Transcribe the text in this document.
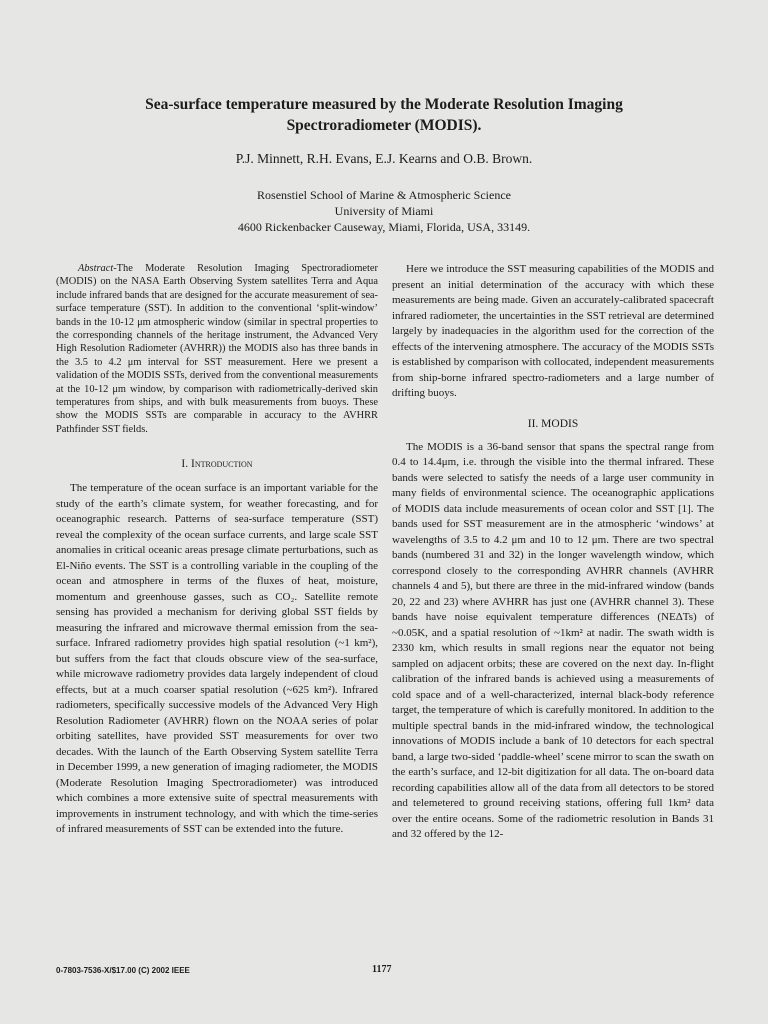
Sea-surface temperature measured by the Moderate Resolution Imaging
Spectroradiometer (MODIS).
P.J. Minnett, R.H. Evans, E.J. Kearns and O.B. Brown.
Rosenstiel School of Marine & Atmospheric Science
University of Miami
4600 Rickenbacker Causeway, Miami, Florida, USA, 33149.

Abstract-The Moderate Resolution Imaging Spectroradiometer (MODIS) on the NASA Earth Observing System satellites Terra and Aqua include infrared bands that are designed for the accurate measurement of sea-surface temperature (SST). In addition to the conventional ‘split-window’ bands in the 10-12 μm atmospheric window (similar in spectral properties to the corresponding channels of the heritage instrument, the Advanced Very High Resolution Radiometer (AVHRR)) the MODIS also has three bands in the 3.5 to 4.2 μm interval for SST measurement. Here we present a validation of the MODIS SSTs, derived from the conventional measurements at the 10-12 μm window, by comparison with radiometrically-derived skin temperatures from ships, and with bulk measurements from buoys. These show the MODIS SSTs are comparable in accuracy to the AVHRR Pathfinder SST fields.

I. Introduction

The temperature of the ocean surface is an important variable for the study of the earth’s climate system, for weather forecasting, and for oceanographic research. Patterns of sea-surface temperature (SST) reveal the complexity of the ocean surface currents, and large scale SST anomalies in critical oceanic areas presage climate perturbations, such as El-Niño events. The SST is a controlling variable in the coupling of the ocean and atmosphere in terms of the fluxes of heat, moisture, momentum and greenhouse gasses, such as CO₂. Satellite remote sensing has provided a mechanism for deriving global SST fields by measuring the infrared and microwave thermal emission from the sea-surface. Infrared radiometry provides high spatial resolution (~1 km²), but suffers from the fact that clouds obscure view of the sea-surface, while microwave radiometry provides data largely independent of cloud effects, but at a much coarser spatial resolution (~625 km²). Infrared radiometers, specifically successive models of the Advanced Very High Resolution Radiometer (AVHRR) flown on the NOAA series of polar orbiting satellites, have provided SST measurements for over two decades. With the launch of the Earth Observing System satellite Terra in December 1999, a new generation of imaging radiometer, the MODIS (Moderate Resolution Imaging Spectroradiometer) was introduced which combines a more extensive suite of spectral measurements with improvements in instrument technology, and with which the time-series of infrared measurements of SST can be extended into the future.

Here we introduce the SST measuring capabilities of the MODIS and present an initial determination of the accuracy with which these measurements are being made. Given an accurately-calibrated spacecraft infrared radiometer, the uncertainties in the SST retrieval are determined largely by inadequacies in the algorithm used for the correction of the effects of the intervening atmosphere. The accuracy of the MODIS SSTs is established by comparison with collocated, independent measurements from ship-borne infrared spectro-radiometers and a large number of drifting buoys.

II. MODIS

The MODIS is a 36-band sensor that spans the spectral range from 0.4 to 14.4μm, i.e. through the visible into the thermal infrared. These bands were selected to satisfy the needs of a large user community in many fields of environmental science. The oceanographic applications of MODIS data include measurements of ocean color and SST [1]. The bands used for SST measurement are in the atmospheric ‘windows’ at wavelengths of 3.5 to 4.2 μm and 10 to 12 μm. There are two spectral bands (numbered 31 and 32) in the longer wavelength window, which correspond closely to the corresponding AVHRR channels (AVHRR channels 4 and 5), but there are three in the mid-infrared window (bands 20, 22 and 23) where AVHRR has just one (AVHRR channel 3). These bands have noise equivalent temperature differences (NEΔTs) of ~0.05K, and a spatial resolution of ~1km² at nadir. The swath width is 2330 km, which results in small regions near the equator not being sampled on adjacent orbits; these are covered on the next day. In-flight calibration of the infrared bands is achieved using a measurements of cold space and of a well-characterized, internal black-body reference target, the temperature of which is carefully monitored. In addition to the multiple spectral bands in the mid-infrared window, the technological innovations of MODIS include a bank of 10 detectors for each spectral band, a large two-sided ‘paddle-wheel’ scene mirror to scan the swath on the earth’s surface, and 12-bit digitization for all data. The on-board data recording capabilities allow all of the data from all detectors to be stored and telemetered to ground receiving stations, offering full 1km² data over the entire oceans. Some of the radiometric resolution in Bands 31 and 32 offered by the 12-

0-7803-7536-X/$17.00 (C) 2002 IEEE	1177
